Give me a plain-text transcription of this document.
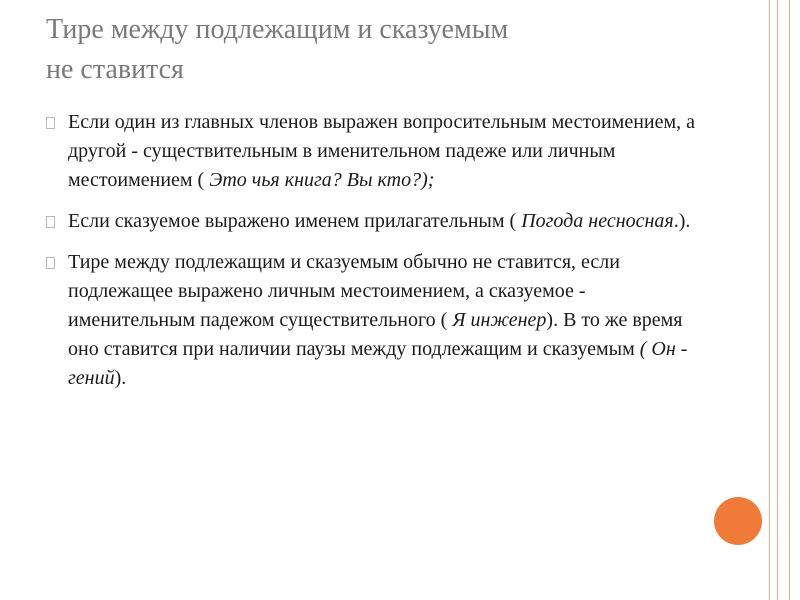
Тире между подлежащим и сказуемым
не ставится
Если один из главных членов выражен вопросительным местоимением, а другой - существительным в именительном падеже или личным местоимением ( Это чья книга? Вы кто?);
Если сказуемое выражено именем прилагательным ( Погода несносная.).
Тире между подлежащим и сказуемым обычно не ставится, если подлежащее выражено личным местоимением, а сказуемое - именительным падежом существительного ( Я инженер). В то же время оно ставится при наличии паузы между подлежащим и сказуемым ( Он - гений).
